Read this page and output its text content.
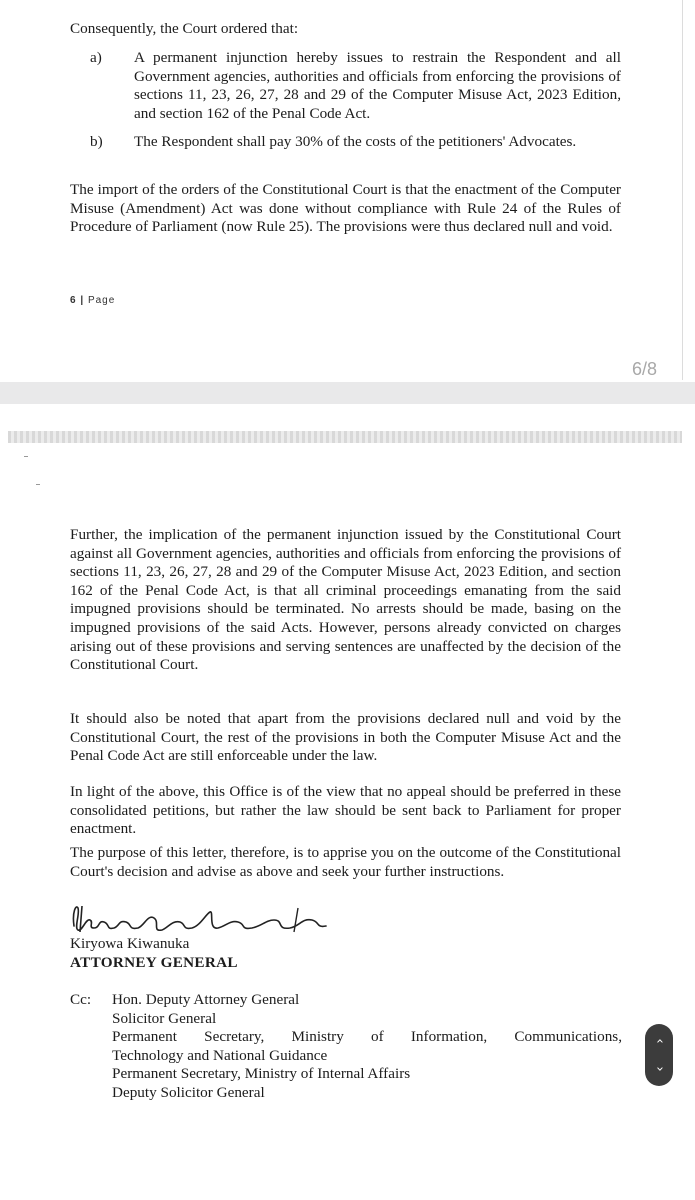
Consequently, the Court ordered that:

a) A permanent injunction hereby issues to restrain the Respondent and all Government agencies, authorities and officials from enforcing the provisions of sections 11, 23, 26, 27, 28 and 29 of the Computer Misuse Act, 2023 Edition, and section 162 of the Penal Code Act.
b) The Respondent shall pay 30% of the costs of the petitioners' Advocates.

The import of the orders of the Constitutional Court is that the enactment of the Computer Misuse (Amendment) Act was done without compliance with Rule 24 of the Rules of Procedure of Parliament (now Rule 25). The provisions were thus declared null and void.

6 | Page
6/8

Further, the implication of the permanent injunction issued by the Constitutional Court against all Government agencies, authorities and officials from enforcing the provisions of sections 11, 23, 26, 27, 28 and 29 of the Computer Misuse Act, 2023 Edition, and section 162 of the Penal Code Act, is that all criminal proceedings emanating from the said impugned provisions should be terminated. No arrests should be made, basing on the impugned provisions of the said Acts. However, persons already convicted on charges arising out of these provisions and serving sentences are unaffected by the decision of the Constitutional Court.

It should also be noted that apart from the provisions declared null and void by the Constitutional Court, the rest of the provisions in both the Computer Misuse Act and the Penal Code Act are still enforceable under the law.

In light of the above, this Office is of the view that no appeal should be preferred in these consolidated petitions, but rather the law should be sent back to Parliament for proper enactment.

The purpose of this letter, therefore, is to apprise you on the outcome of the Constitutional Court's decision and advise as above and seek your further instructions.

Kiryowa Kiwanuka
ATTORNEY GENERAL
Cc: Hon. Deputy Attorney General
Solicitor General
Permanent Secretary, Ministry of Information, Communications,
Technology and National Guidance
Permanent Secretary, Ministry of Internal Affairs
Deputy Solicitor General
‹
›
